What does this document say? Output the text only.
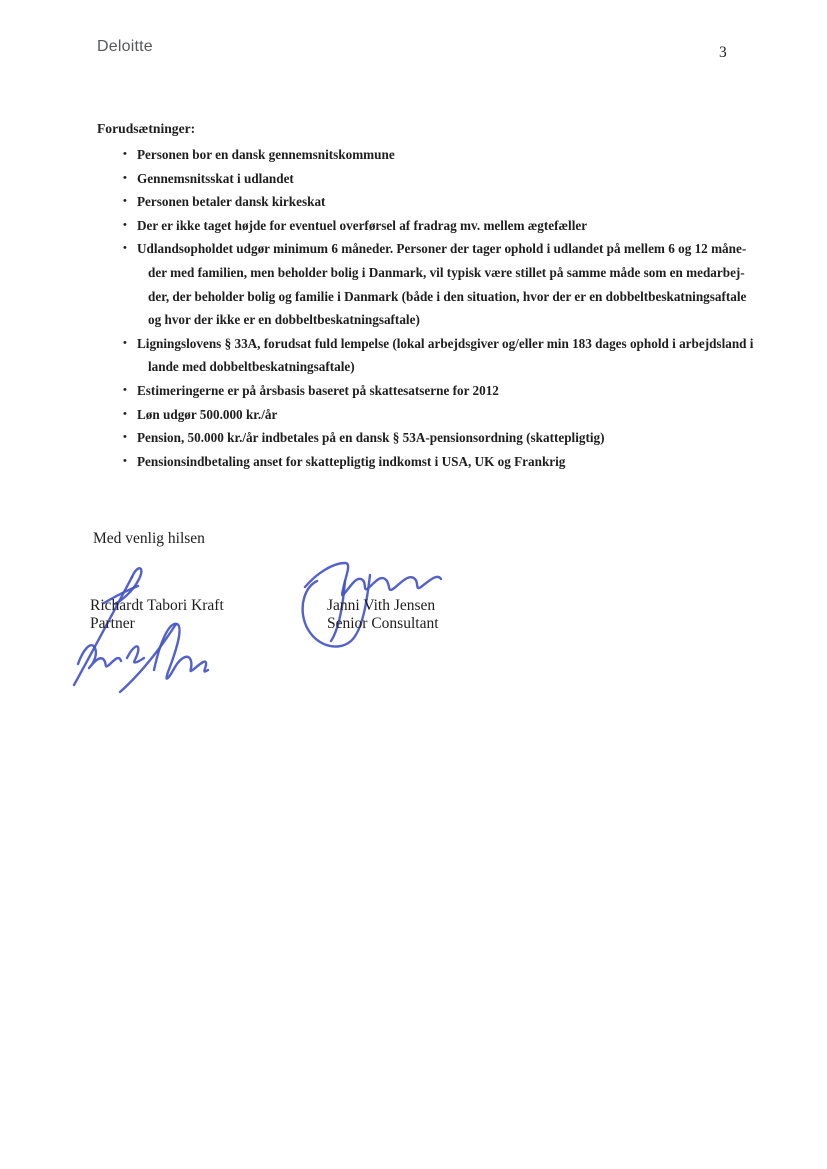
Deloitte	3
Forudsætninger:
• Personen bor en dansk gennemsnitskommune
• Gennemsnitsskat i udlandet
• Personen betaler dansk kirkeskat
• Der er ikke taget højde for eventuel overførsel af fradrag mv. mellem ægtefæller
• Udlandsopholdet udgør minimum 6 måneder. Personer der tager ophold i udlandet på mellem 6 og 12 måne-
der med familien, men beholder bolig i Danmark, vil typisk være stillet på samme måde som en medarbej-
der, der beholder bolig og familie i Danmark (både i den situation, hvor der er en dobbeltbeskatningsaftale
og hvor der ikke er en dobbeltbeskatningsaftale)
• Ligningslovens § 33A, forudsat fuld lempelse (lokal arbejdsgiver og/eller min 183 dages ophold i arbejdsland i
lande med dobbeltbeskatningsaftale)
• Estimeringerne er på årsbasis baseret på skattesatserne for 2012
• Løn udgør 500.000 kr./år
• Pension, 50.000 kr./år indbetales på en dansk § 53A-pensionsordning (skattepligtig)
• Pensionsindbetaling anset for skattepligtig indkomst i USA, UK og Frankrig
Med venlig hilsen
Richardt Tabori Kraft
Partner
Janni Vith Jensen
Senior Consultant
